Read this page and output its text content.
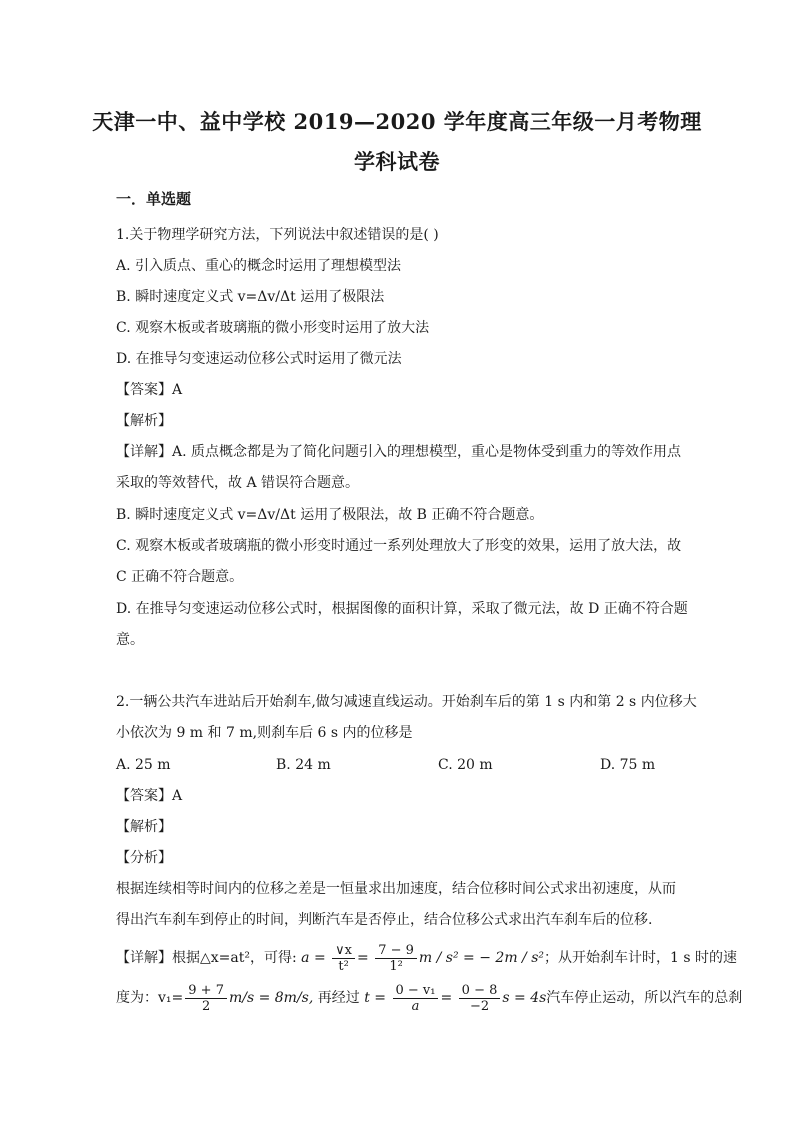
天津一中、益中学校 2019—2020 学年度高三年级一月考物理
学科试卷
一．单选题
1.关于物理学研究方法，下列说法中叙述错误的是( )
A. 引入质点、重心的概念时运用了理想模型法
B. 瞬时速度定义式 v=Δv/Δt 运用了极限法
C. 观察木板或者玻璃瓶的微小形变时运用了放大法
D. 在推导匀变速运动位移公式时运用了微元法
【答案】A
【解析】
【详解】A. 质点概念都是为了简化问题引入的理想模型，重心是物体受到重力的等效作用点
采取的等效替代，故 A 错误符合题意。
B. 瞬时速度定义式 v=Δv/Δt 运用了极限法，故 B 正确不符合题意。
C. 观察木板或者玻璃瓶的微小形变时通过一系列处理放大了形变的效果，运用了放大法，故
C 正确不符合题意。
D. 在推导匀变速运动位移公式时，根据图像的面积计算，采取了微元法，故 D 正确不符合题
意。
2.一辆公共汽车进站后开始刹车,做匀减速直线运动。开始刹车后的第 1 s 内和第 2 s 内位移大
小依次为 9 m 和 7 m,则刹车后 6 s 内的位移是
A. 25 m	B. 24 m	C. 20 m	D. 75 m
【答案】A
【解析】
【分析】
根据连续相等时间内的位移之差是一恒量求出加速度，结合位移时间公式求出初速度，从而
得出汽车刹车到停止的时间，判断汽车是否停止，结合位移公式求出汽车刹车后的位移.
【详解】根据△x=at²，可得: $a = \frac{\vee x}{\text{t²}} = \frac{7 - 9}{\text{1²}}$ m / s² = − 2m / s²；从开始刹车计时，1 s 时的速
度为：$v_1= \frac{9 + 7}{2} m/s = 8m/s$, 再经过 $t = \frac{\text{0 − v₁}}{a} = \frac{0 - 8}{-2}$ s = 4s汽车停止运动，所以汽车的总刹
